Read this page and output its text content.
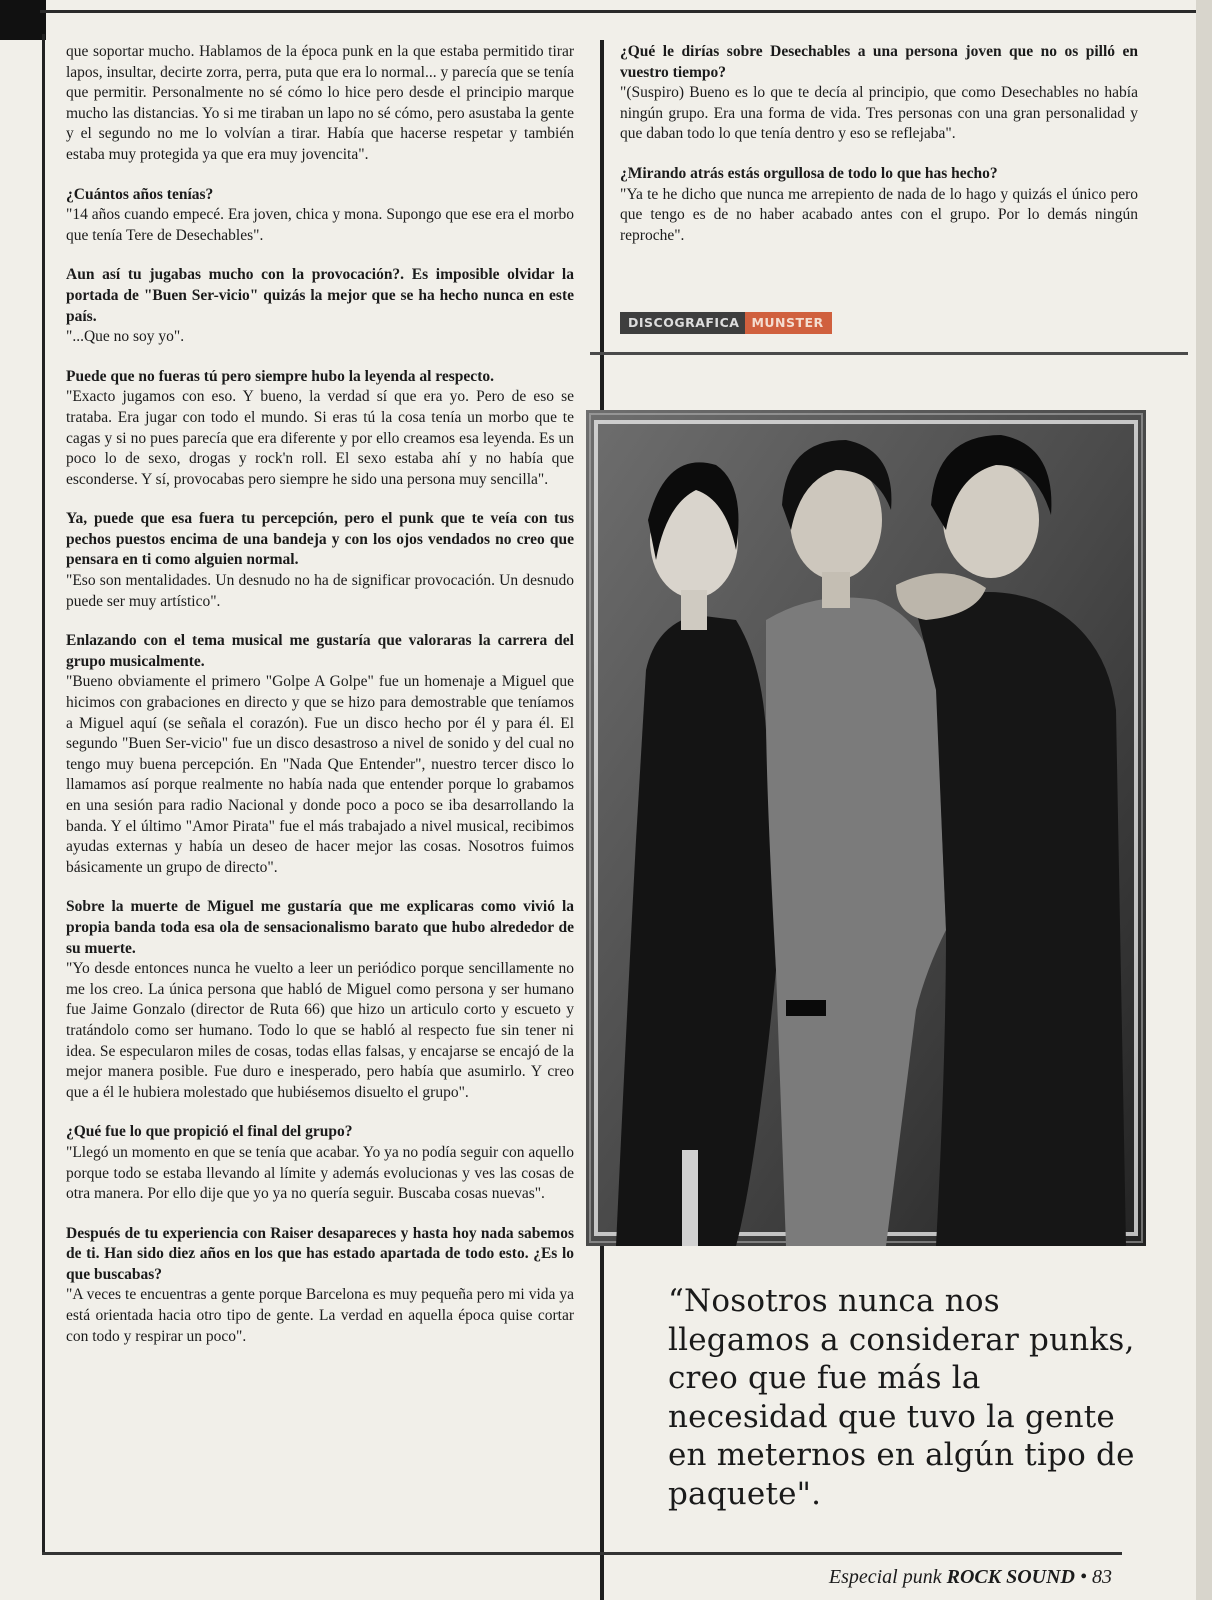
que soportar mucho. Hablamos de la época punk en la que estaba permitido tirar lapos, insultar, decirte zorra, perra, puta que era lo normal... y parecía que se tenía que permitir. Personalmente no sé cómo lo hice pero desde el principio marque mucho las distancias. Yo si me tiraban un lapo no sé cómo, pero asustaba la gente y el segundo no me lo volvían a tirar. Había que hacerse respetar y también estaba muy protegida ya que era muy jovencita".

¿Cuántos años tenías?

"14 años cuando empecé. Era joven, chica y mona. Supongo que ese era el morbo que tenía Tere de Desechables".

Aun así tu jugabas mucho con la provocación?. Es imposible olvidar la portada de "Buen Ser-vicio" quizás la mejor que se ha hecho nunca en este país.

"...Que no soy yo".

Puede que no fueras tú pero siempre hubo la leyenda al respecto.

"Exacto jugamos con eso. Y bueno, la verdad sí que era yo. Pero de eso se trataba. Era jugar con todo el mundo. Si eras tú la cosa tenía un morbo que te cagas y si no pues parecía que era diferente y por ello creamos esa leyenda. Es un poco lo de sexo, drogas y rock'n roll. El sexo estaba ahí y no había que esconderse. Y sí, provocabas pero siempre he sido una persona muy sencilla".

Ya, puede que esa fuera tu percepción, pero el punk que te veía con tus pechos puestos encima de una bandeja y con los ojos vendados no creo que pensara en ti como alguien normal.

"Eso son mentalidades. Un desnudo no ha de significar provocación. Un desnudo puede ser muy artístico".

Enlazando con el tema musical me gustaría que valoraras la carrera del grupo musicalmente.

"Bueno obviamente el primero "Golpe A Golpe" fue un homenaje a Miguel que hicimos con grabaciones en directo y que se hizo para demostrable que teníamos a Miguel aquí (se señala el corazón). Fue un disco hecho por él y para él. El segundo "Buen Ser-vicio" fue un disco desastroso a nivel de sonido y del cual no tengo muy buena percepción. En "Nada Que Entender", nuestro tercer disco lo llamamos así porque realmente no había nada que entender porque lo grabamos en una sesión para radio Nacional y donde poco a poco se iba desarrollando la banda. Y el último "Amor Pirata" fue el más trabajado a nivel musical, recibimos ayudas externas y había un deseo de hacer mejor las cosas. Nosotros fuimos básicamente un grupo de directo".

Sobre la muerte de Miguel me gustaría que me explicaras como vivió la propia banda toda esa ola de sensacionalismo barato que hubo alrededor de su muerte.

"Yo desde entonces nunca he vuelto a leer un periódico porque sencillamente no me los creo. La única persona que habló de Miguel como persona y ser humano fue Jaime Gonzalo (director de Ruta 66) que hizo un articulo corto y escueto y tratándolo como ser humano. Todo lo que se habló al respecto fue sin tener ni idea. Se especularon miles de cosas, todas ellas falsas, y encajarse se encajó de la mejor manera posible. Fue duro e inesperado, pero había que asumirlo. Y creo que a él le hubiera molestado que hubiésemos disuelto el grupo".

¿Qué fue lo que propició el final del grupo?

"Llegó un momento en que se tenía que acabar. Yo ya no podía seguir con aquello porque todo se estaba llevando al límite y además evolucionas y ves las cosas de otra manera. Por ello dije que yo ya no quería seguir. Buscaba cosas nuevas".

Después de tu experiencia con Raiser desapareces y hasta hoy nada sabemos de ti. Han sido diez años en los que has estado apartada de todo esto. ¿Es lo que buscabas?

"A veces te encuentras a gente porque Barcelona es muy pequeña pero mi vida ya está orientada hacia otro tipo de gente. La verdad en aquella época quise cortar con todo y respirar un poco".

¿Qué le dirías sobre Desechables a una persona joven que no os pilló en vuestro tiempo?

"(Suspiro) Bueno es lo que te decía al principio, que como Desechables no había ningún grupo. Era una forma de vida. Tres personas con una gran personalidad y que daban todo lo que tenía dentro y eso se reflejaba".

¿Mirando atrás estás orgullosa de todo lo que has hecho?

"Ya te he dicho que nunca me arrepiento de nada de lo hago y quizás el único pero que tengo es de no haber acabado antes con el grupo. Por lo demás ningún reproche".

DISCOGRAFICA MUNSTER
“Nosotros nunca nos llegamos a considerar punks, creo que fue más la necesidad que tuvo la gente en meternos en algún tipo de paquete".
Especial punk ROCK SOUND • 83
